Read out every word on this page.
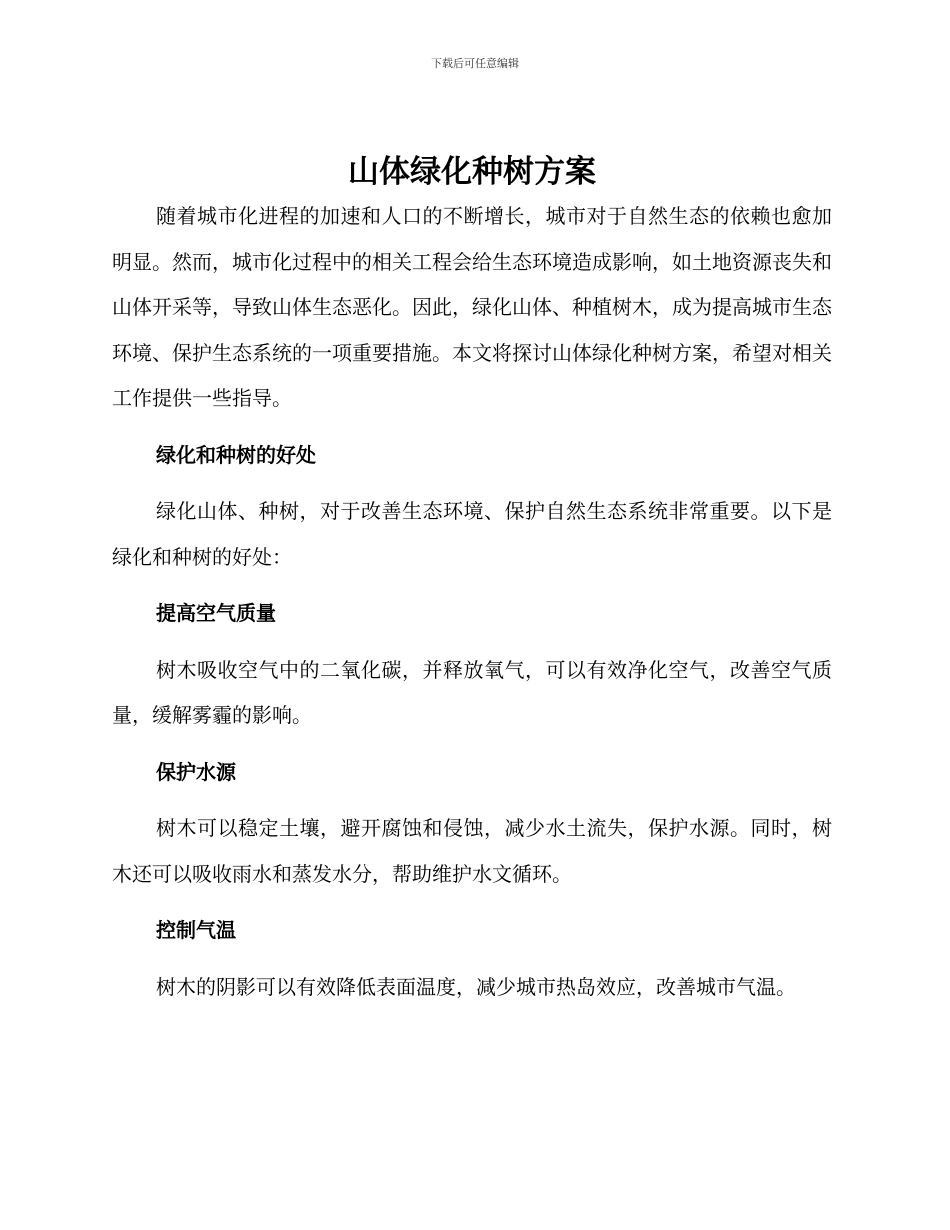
下载后可任意编辑
山体绿化种树方案

随着城市化进程的加速和人口的不断增长，城市对于自然生态的依赖也愈加明显。然而，城市化过程中的相关工程会给生态环境造成影响，如土地资源丧失和山体开采等，导致山体生态恶化。因此，绿化山体、种植树木，成为提高城市生态环境、保护生态系统的一项重要措施。本文将探讨山体绿化种树方案，希望对相关工作提供一些指导。

绿化和种树的好处

绿化山体、种树，对于改善生态环境、保护自然生态系统非常重要。以下是绿化和种树的好处：

提高空气质量

树木吸收空气中的二氧化碳，并释放氧气，可以有效净化空气，改善空气质量，缓解雾霾的影响。

保护水源

树木可以稳定土壤，避开腐蚀和侵蚀，减少水土流失，保护水源。同时，树木还可以吸收雨水和蒸发水分，帮助维护水文循环。

控制气温

树木的阴影可以有效降低表面温度，减少城市热岛效应，改善城市气温。
